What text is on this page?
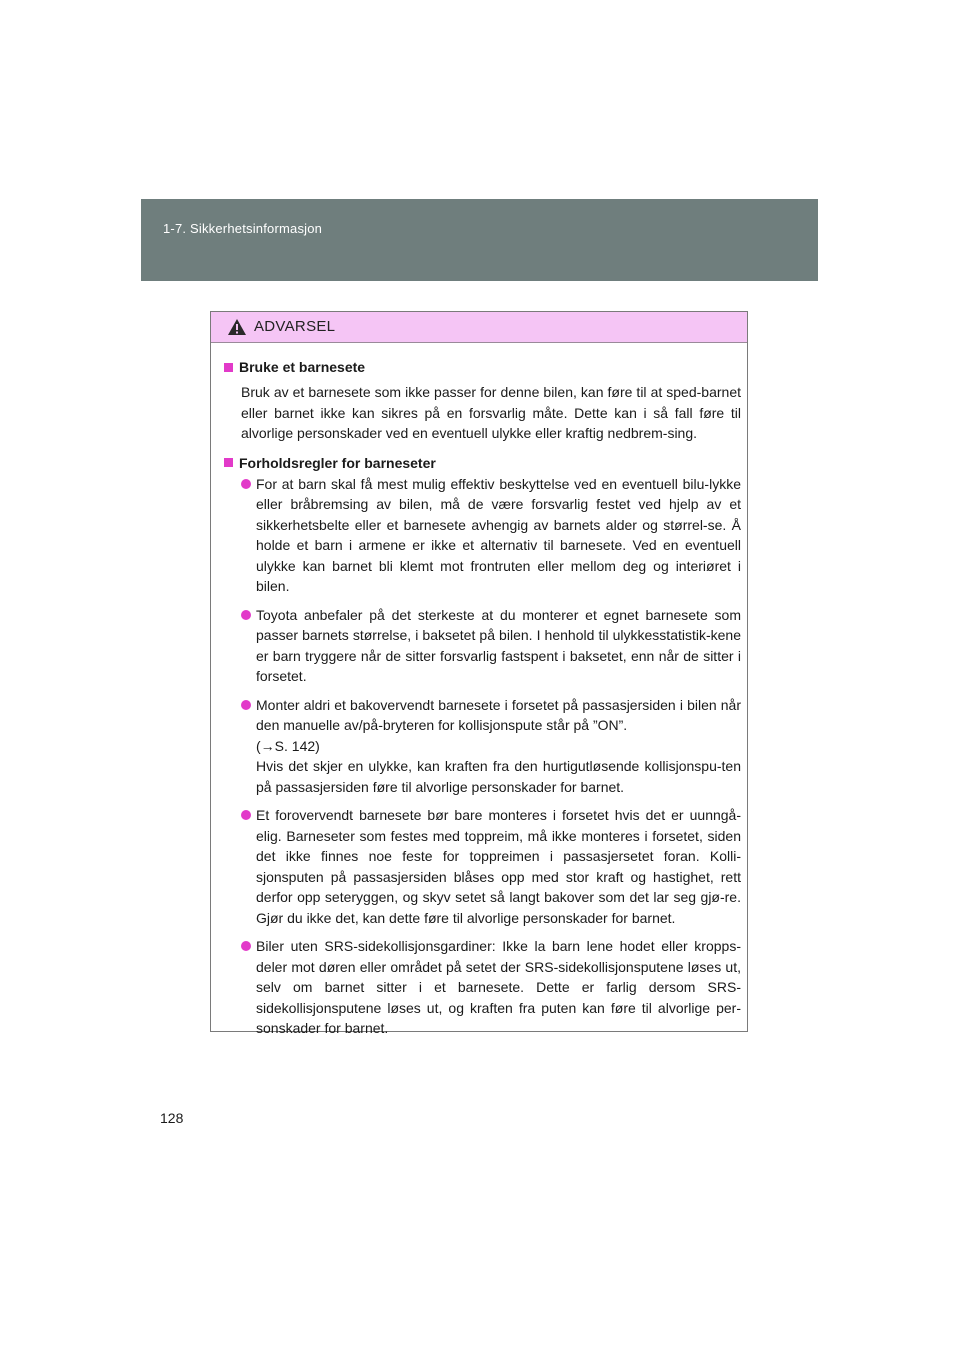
1-7. Sikkerhetsinformasjon
ADVARSEL
Bruke et barnesete
Bruk av et barnesete som ikke passer for denne bilen, kan føre til at sped-barnet eller barnet ikke kan sikres på en forsvarlig måte. Dette kan i så fall føre til alvorlige personskader ved en eventuell ulykke eller kraftig nedbrem-sing.
Forholdsregler for barneseter
For at barn skal få mest mulig effektiv beskyttelse ved en eventuell bilu-lykke eller bråbremsing av bilen, må de være forsvarlig festet ved hjelp av et sikkerhetsbelte eller et barnesete avhengig av barnets alder og størrel-se. Å holde et barn i armene er ikke et alternativ til barnesete. Ved en eventuell ulykke kan barnet bli klemt mot frontruten eller mellom deg og interiøret i bilen.
Toyota anbefaler på det sterkeste at du monterer et egnet barnesete som passer barnets størrelse, i baksetet på bilen. I henhold til ulykkesstatistik-kene er barn tryggere når de sitter forsvarlig fastspent i baksetet, enn når de sitter i forsetet.
Monter aldri et bakovervendt barnesete i forsetet på passasjersiden i bilen når den manuelle av/på-bryteren for kollisjonspute står på ”ON”.
(→S. 142)
Hvis det skjer en ulykke, kan kraften fra den hurtigutløsende kollisjonspu-ten på passasjersiden føre til alvorlige personskader for barnet.
Et forovervendt barnesete bør bare monteres i forsetet hvis det er uunngå-elig. Barneseter som festes med toppreim, må ikke monteres i forsetet, siden det ikke finnes noe feste for toppreimen i passasjersetet foran. Kolli-sjonsputen på passasjersiden blåses opp med stor kraft og hastighet, rett derfor opp seteryggen, og skyv setet så langt bakover som det lar seg gjø-re. Gjør du ikke det, kan dette føre til alvorlige personskader for barnet.
Biler uten SRS-sidekollisjonsgardiner: Ikke la barn lene hodet eller kropps-deler mot døren eller området på setet der SRS-sidekollisjonsputene løses ut, selv om barnet sitter i et barnesete. Dette er farlig dersom SRS-sidekollisjonsputene løses ut, og kraften fra puten kan føre til alvorlige per-sonskader for barnet.
128
